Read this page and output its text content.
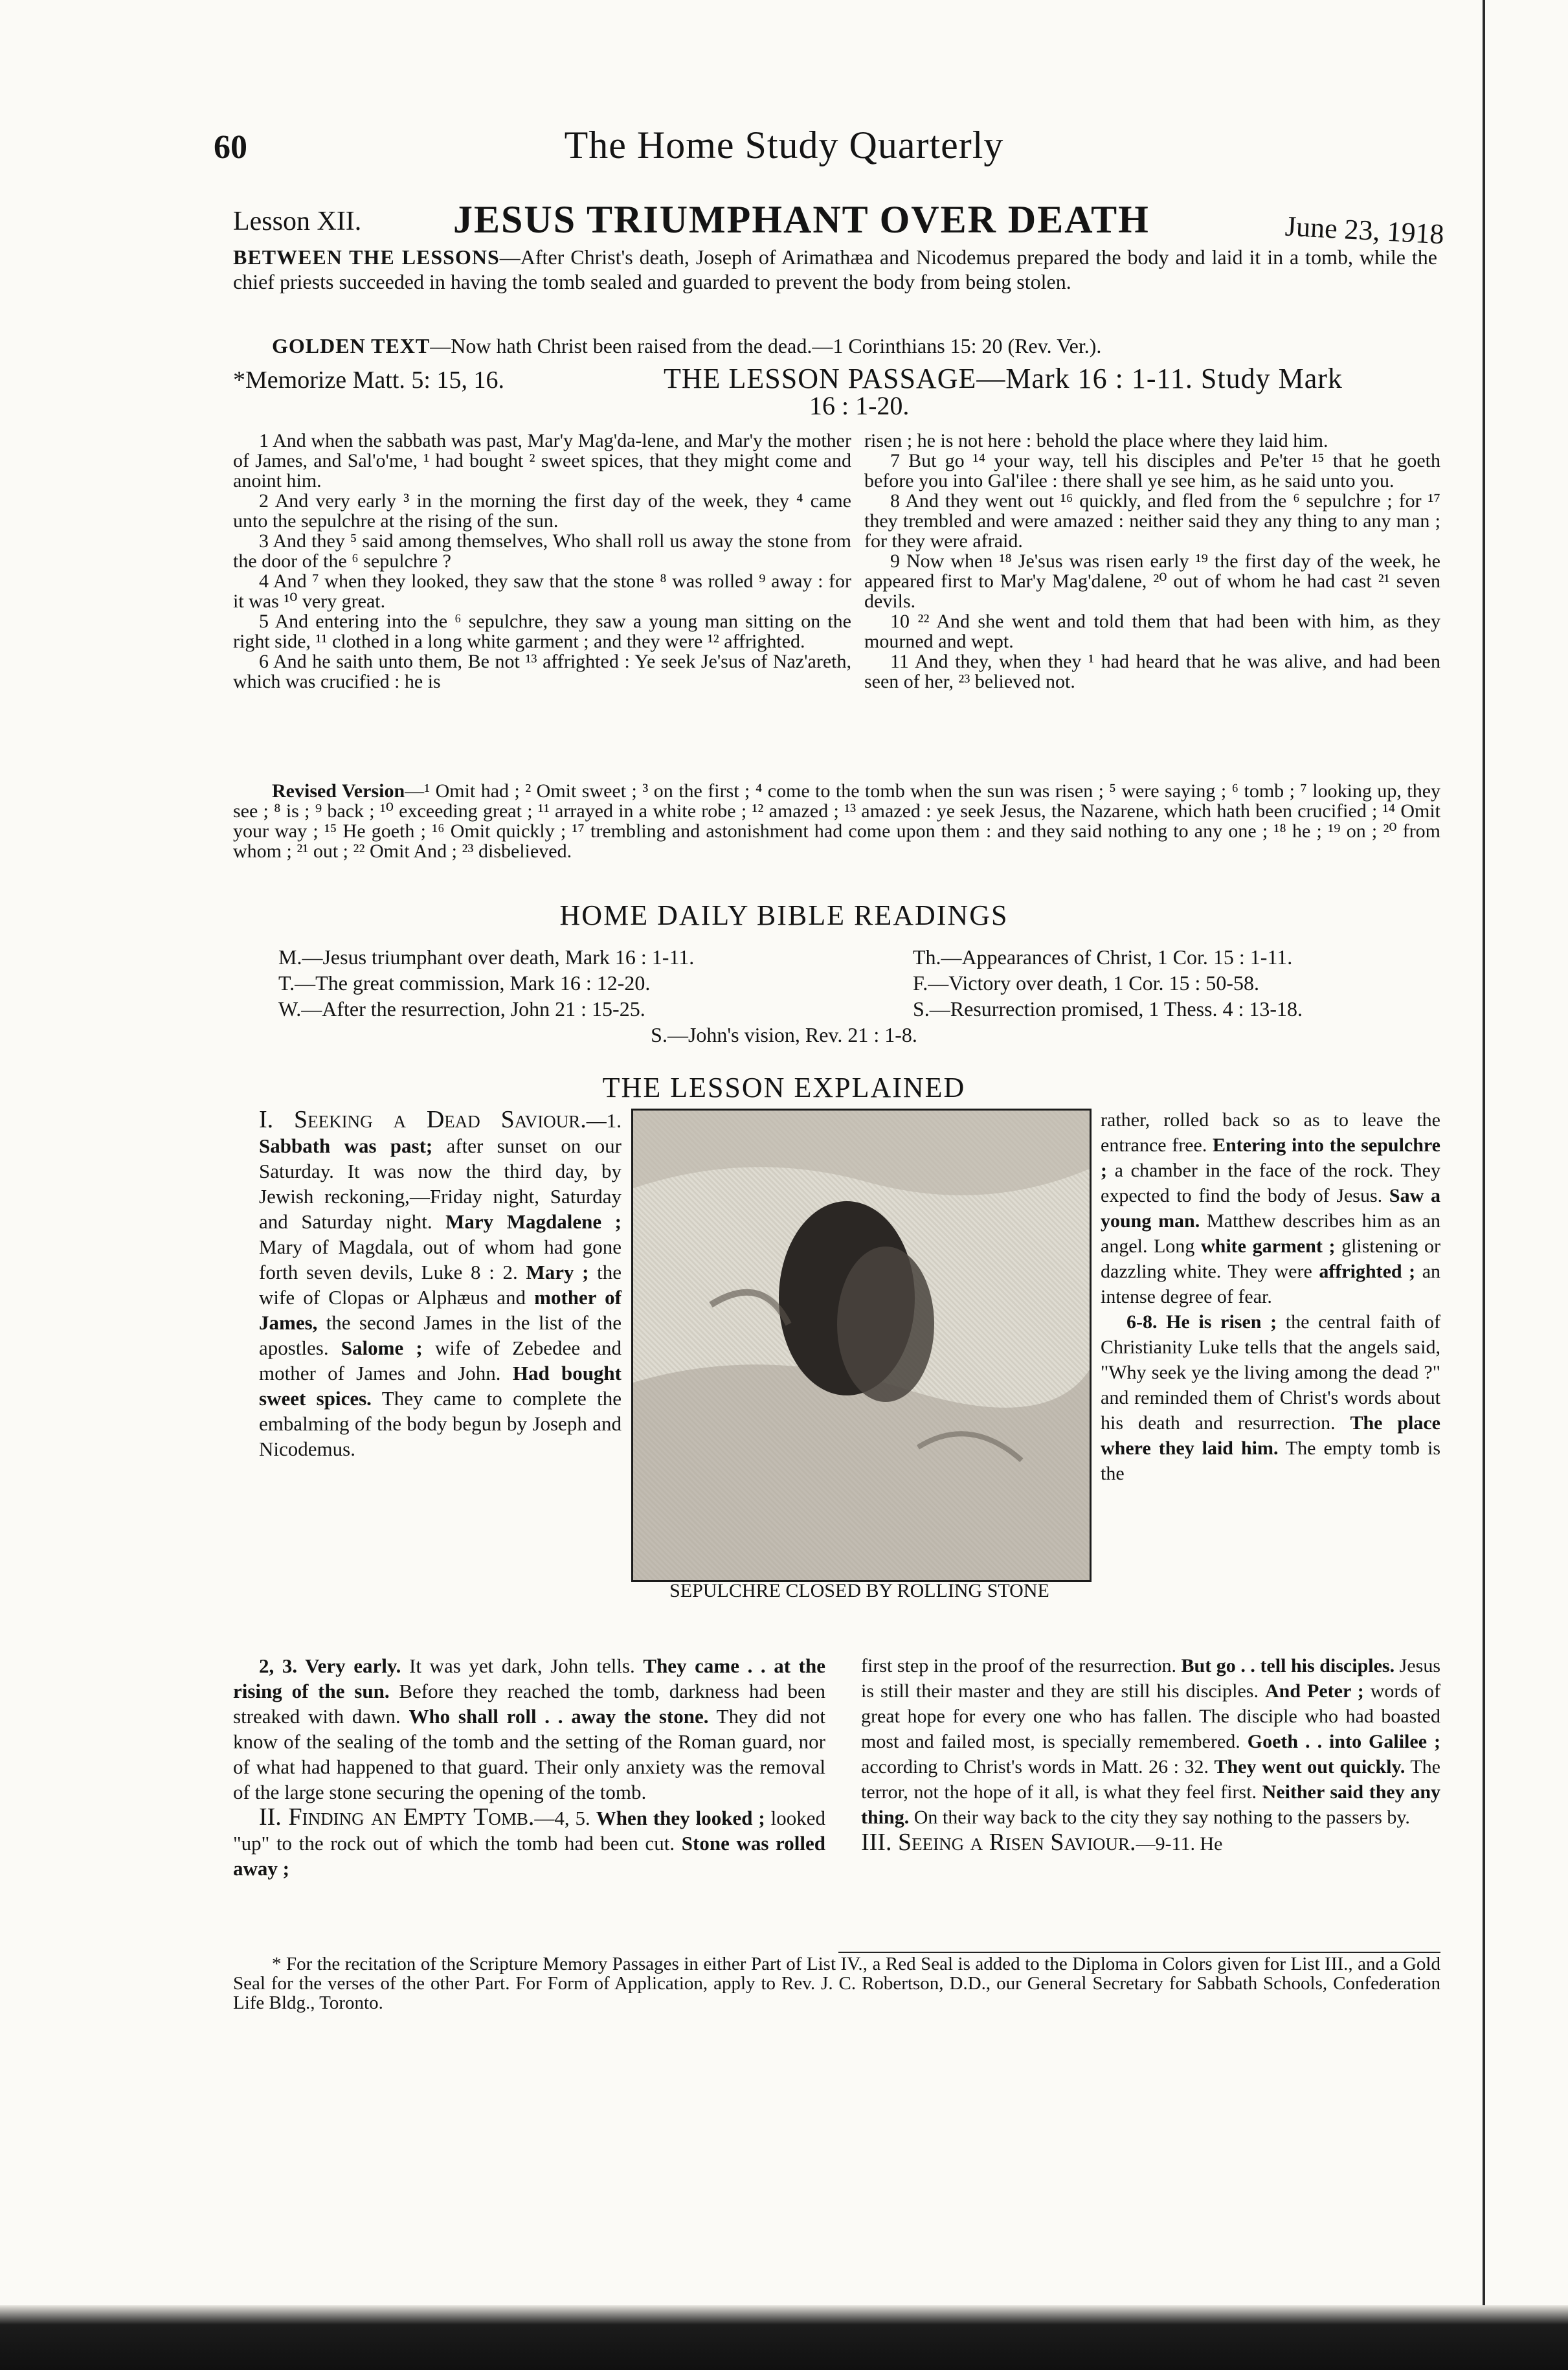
60	The Home Study Quarterly
Lesson XII. JESUS TRIUMPHANT OVER DEATH	June 23, 1918

BETWEEN THE LESSONS—After Christ's death, Joseph of Arimathæa and Nicodemus prepared the body and laid it in a tomb, while the chief priests succeeded in having the tomb sealed and guarded to prevent the body from being stolen.

GOLDEN TEXT—Now hath Christ been raised from the dead.—1 Corinthians 15: 20 (Rev. Ver.).

*Memorize Matt. 5: 15, 16.	THE LESSON PASSAGE—Mark 16 : 1-11. Study Mark
16 : 1-20.

1 And when the sabbath was past, Mar'y Mag'da-lene, and Mar'y the mother of James, and Sal'o'me, ¹ had bought ² sweet spices, that they might come and anoint him.

2 And very early ³ in the morning the first day of the week, they ⁴ came unto the sepulchre at the rising of the sun.

3 And they ⁵ said among themselves, Who shall roll us away the stone from the door of the ⁶ sepulchre ?

4 And ⁷ when they looked, they saw that the stone ⁸ was rolled ⁹ away : for it was ¹⁰ very great.

5 And entering into the ⁶ sepulchre, they saw a young man sitting on the right side, ¹¹ clothed in a long white garment ; and they were ¹² affrighted.

6 And he saith unto them, Be not ¹³ affrighted : Ye seek Je'sus of Naz'areth, which was crucified : he is

risen ; he is not here : behold the place where they laid him.

7 But go ¹⁴ your way, tell his disciples and Pe'ter ¹⁵ that he goeth before you into Gal'ilee : there shall ye see him, as he said unto you.

8 And they went out ¹⁶ quickly, and fled from the ⁶ sepulchre ; for ¹⁷ they trembled and were amazed : neither said they any thing to any man ; for they were afraid.

9 Now when ¹⁸ Je'sus was risen early ¹⁹ the first day of the week, he appeared first to Mar'y Mag'dalene, ²⁰ out of whom he had cast ²¹ seven devils.

10 ²² And she went and told them that had been with him, as they mourned and wept.

11 And they, when they ¹ had heard that he was alive, and had been seen of her, ²³ believed not.

Revised Version—¹ Omit had ; ² Omit sweet ; ³ on the first ; ⁴ come to the tomb when the sun was risen ; ⁵ were saying ; ⁶ tomb ; ⁷ looking up, they see ; ⁸ is ; ⁹ back ; ¹⁰ exceeding great ; ¹¹ arrayed in a white robe ; ¹² amazed ; ¹³ amazed : ye seek Jesus, the Nazarene, which hath been crucified ; ¹⁴ Omit your way ; ¹⁵ He goeth ; ¹⁶ Omit quickly ; ¹⁷ trembling and astonishment had come upon them : and they said nothing to any one ; ¹⁸ he ; ¹⁹ on ; ²⁰ from whom ; ²¹ out ; ²² Omit And ; ²³ disbelieved.

HOME DAILY BIBLE READINGS
M.—Jesus triumphant over death, Mark 16 : 1-11.
T.—The great commission, Mark 16 : 12-20.
W.—After the resurrection, John 21 : 15-25.
Th.—Appearances of Christ, 1 Cor. 15 : 1-11.
F.—Victory over death, 1 Cor. 15 : 50-58.
S.—Resurrection promised, 1 Thess. 4 : 13-18.
S.—John's vision, Rev. 21 : 1-8.
THE LESSON EXPLAINED

I. Seeking a Dead Saviour.—1. Sabbath was past; after sunset on our Saturday. It was now the third day, by Jewish reckoning,—Friday night, Saturday and Saturday night. Mary Magdalene ; Mary of Magdala, out of whom had gone forth seven devils, Luke 8 : 2. Mary ; the wife of Clopas or Alphæus and mother of James, the second James in the list of the apostles. Salome ; wife of Zebedee and mother of James and John. Had bought sweet spices. They came to complete the embalming of the body begun by Joseph and Nicodemus.

SEPULCHRE CLOSED BY ROLLING STONE

rather, rolled back so as to leave the entrance free. Entering into the sepulchre ; a chamber in the face of the rock. They expected to find the body of Jesus. Saw a young man. Matthew describes him as an angel. Long white garment ; glistening or dazzling white. They were affrighted ; an intense degree of fear.
6-8. He is risen ; the central faith of Christianity Luke tells that the angels said, "Why seek ye the living among the dead ?" and reminded them of Christ's words about his death and resurrection. The place where they laid him. The empty tomb is the

2, 3. Very early. It was yet dark, John tells. They came . . at the rising of the sun. Before they reached the tomb, darkness had been streaked with dawn. Who shall roll . . away the stone. They did not know of the sealing of the tomb and the setting of the Roman guard, nor of what had happened to that guard. Their only anxiety was the removal of the large stone securing the opening of the tomb.
II. Finding an Empty Tomb.—4, 5. When they looked ; looked "up" to the rock out of which the tomb had been cut. Stone was rolled away ;

first step in the proof of the resurrection. But go . . tell his disciples. Jesus is still their master and they are still his disciples. And Peter ; words of great hope for every one who has fallen. The disciple who had boasted most and failed most, is specially remembered. Goeth . . into Galilee ; according to Christ's words in Matt. 26 : 32. They went out quickly. The terror, not the hope of it all, is what they feel first. Neither said they any thing. On their way back to the city they say nothing to the passers by.
III. Seeing a Risen Saviour.—9-11. He

* For the recitation of the Scripture Memory Passages in either Part of List IV., a Red Seal is added to the Diploma in Colors given for List III., and a Gold Seal for the verses of the other Part. For Form of Application, apply to Rev. J. C. Robertson, D.D., our General Secretary for Sabbath Schools, Confederation Life Bldg., Toronto.
